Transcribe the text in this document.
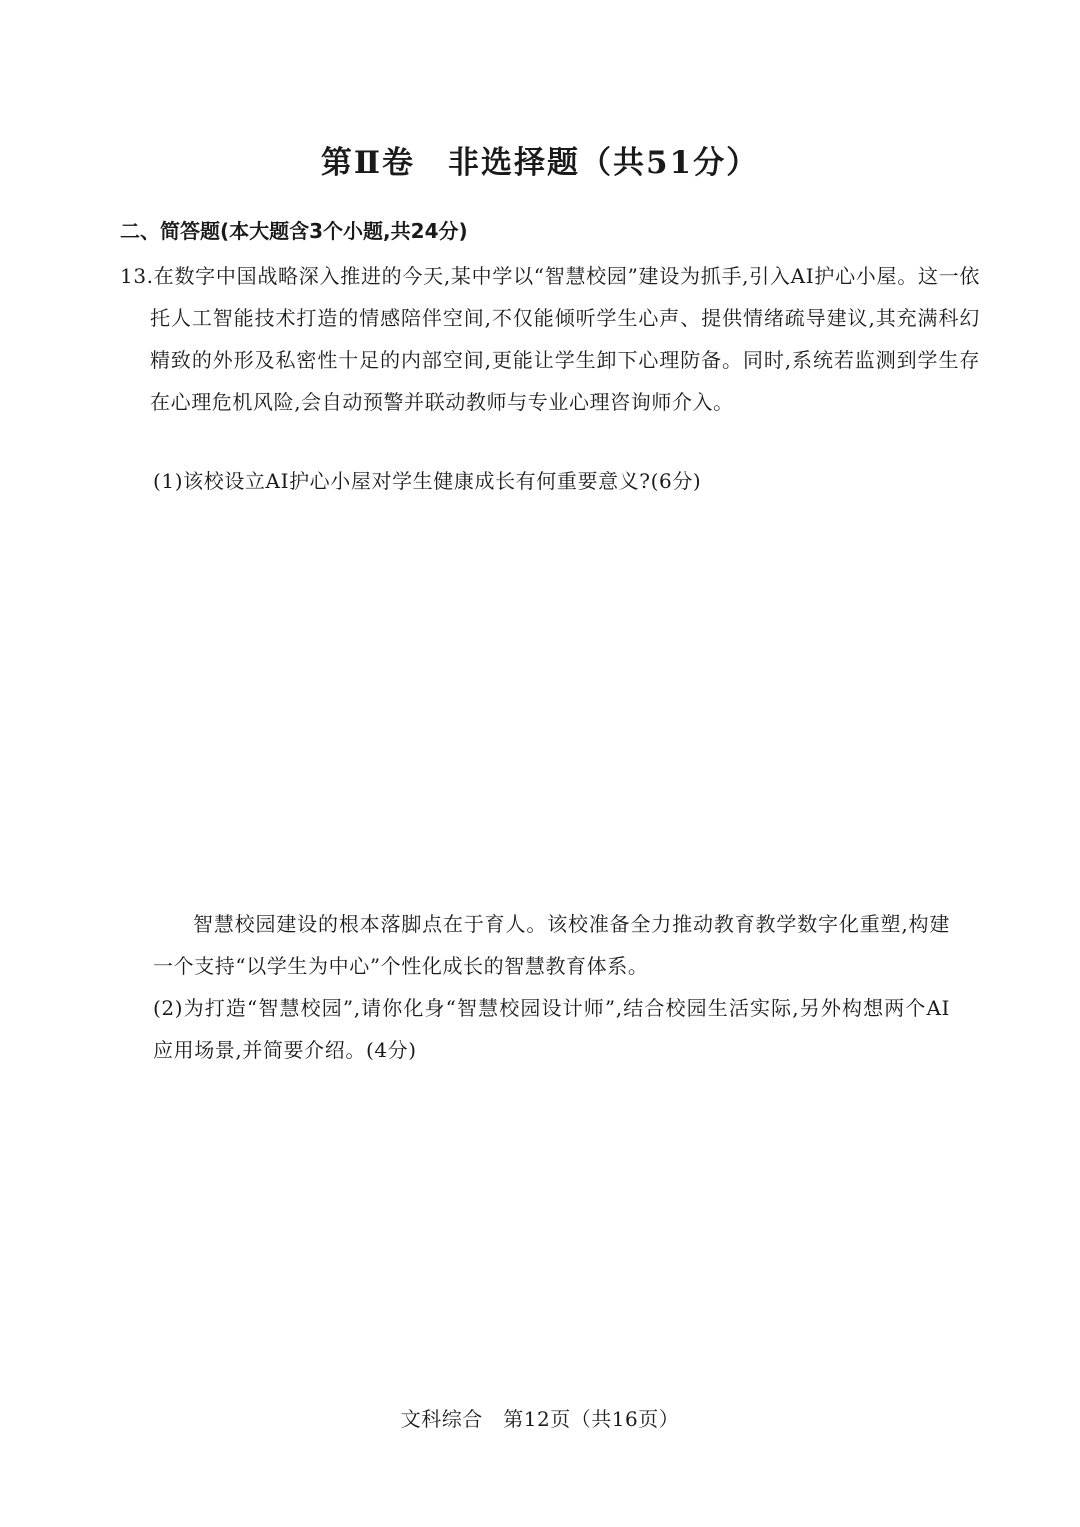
第Ⅱ卷　非选择题（共51分）
二、简答题(本大题含3个小题,共24分)
13.在数字中国战略深入推进的今天,某中学以“智慧校园”建设为抓手,引入AI护心小屋。这一依托人工智能技术打造的情感陪伴空间,不仅能倾听学生心声、提供情绪疏导建议,其充满科幻精致的外形及私密性十足的内部空间,更能让学生卸下心理防备。同时,系统若监测到学生存在心理危机风险,会自动预警并联动教师与专业心理咨询师介入。
(1)该校设立AI护心小屋对学生健康成长有何重要意义?(6分)
智慧校园建设的根本落脚点在于育人。该校准备全力推动教育教学数字化重塑,构建一个支持“以学生为中心”个性化成长的智慧教育体系。
(2)为打造“智慧校园”,请你化身“智慧校园设计师”,结合校园生活实际,另外构想两个AI应用场景,并简要介绍。(4分)
文科综合　第12页（共16页）
